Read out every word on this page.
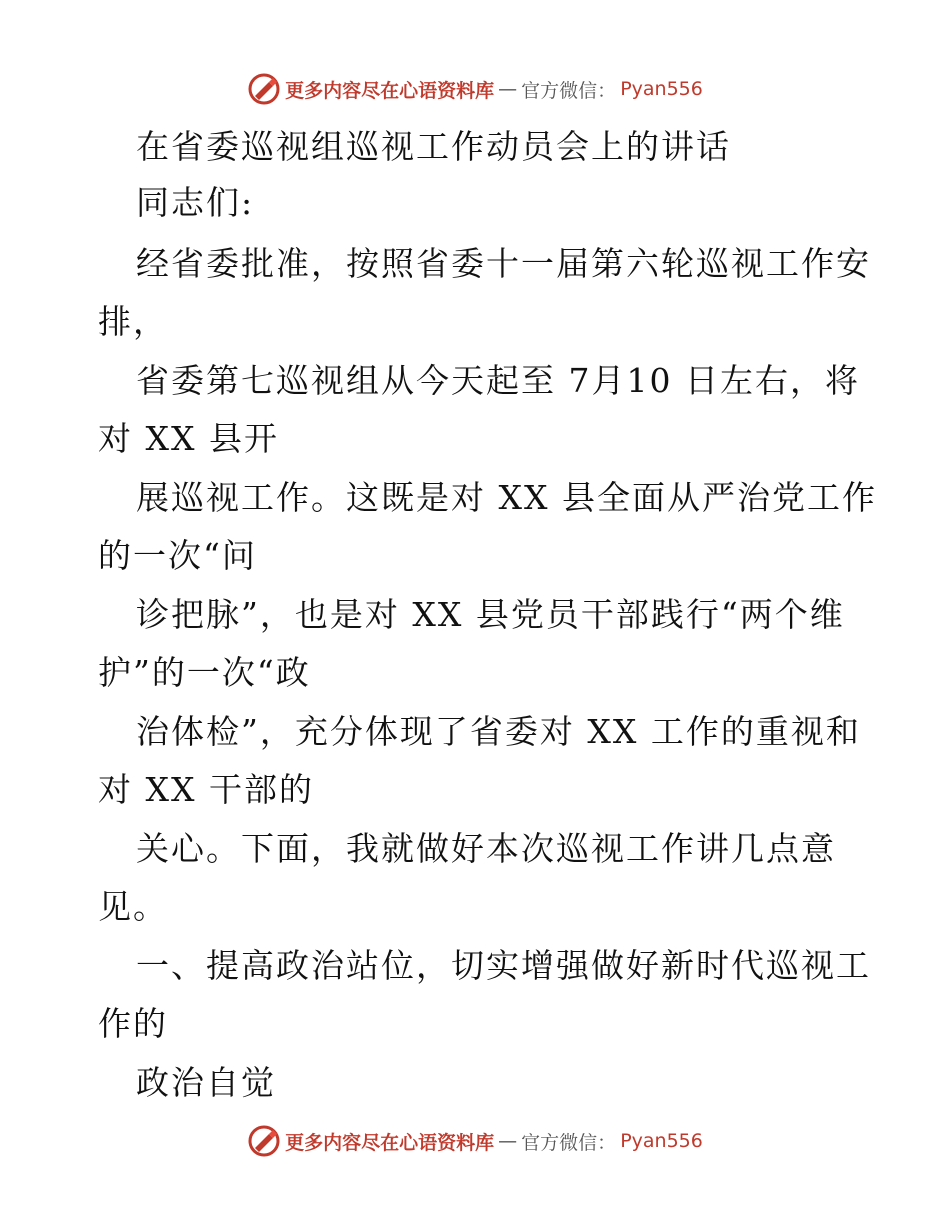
更多内容尽在心语资料库 — 官方微信： Pyan556
在省委巡视组巡视工作动员会上的讲话
同志们:
经省委批准，按照省委十一届第六轮巡视工作安
排，
省委第七巡视组从今天起至 7月10 日左右，将
对 XX 县开
展巡视工作。这既是对 XX 县全面从严治党工作
的一次“问
诊把脉”，也是对 XX 县党员干部践行“两个维
护”的一次“政
治体检”，充分体现了省委对 XX 工作的重视和
对 XX 干部的
关心。下面，我就做好本次巡视工作讲几点意
见。
一、提高政治站位，切实增强做好新时代巡视工
作的
政治自觉
更多内容尽在心语资料库 — 官方微信： Pyan556
